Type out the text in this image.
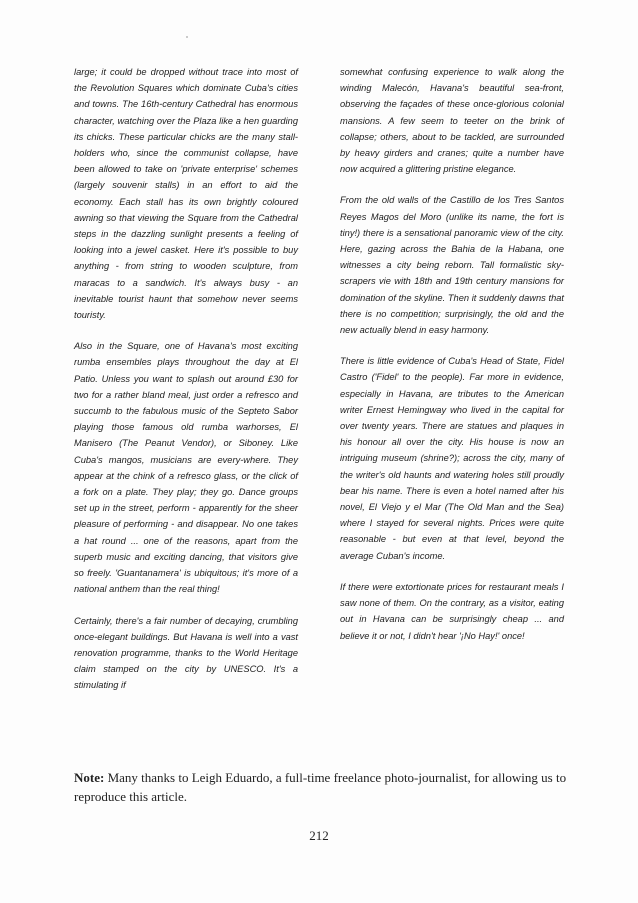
large; it could be dropped without trace into most of the Revolution Squares which dominate Cuba's cities and towns. The 16th-century Cathedral has enormous character, watching over the Plaza like a hen guarding its chicks. These particular chicks are the many stall-holders who, since the communist collapse, have been allowed to take on 'private enterprise' schemes (largely souvenir stalls) in an effort to aid the economy. Each stall has its own brightly coloured awning so that viewing the Square from the Cathedral steps in the dazzling sunlight presents a feeling of looking into a jewel casket. Here it's possible to buy anything - from string to wooden sculpture, from maracas to a sandwich. It's always busy - an inevitable tourist haunt that somehow never seems touristy.

Also in the Square, one of Havana's most exciting rumba ensembles plays throughout the day at El Patio. Unless you want to splash out around £30 for two for a rather bland meal, just order a refresco and succumb to the fabulous music of the Septeto Sabor playing those famous old rumba warhorses, El Manisero (The Peanut Vendor), or Siboney. Like Cuba's mangos, musicians are every-where. They appear at the chink of a refresco glass, or the click of a fork on a plate. They play; they go. Dance groups set up in the street, perform - apparently for the sheer pleasure of performing - and disappear. No one takes a hat round ... one of the reasons, apart from the superb music and exciting dancing, that visitors give so freely. 'Guantanamera' is ubiquitous; it's more of a national anthem than the real thing!

Certainly, there's a fair number of decaying, crumbling once-elegant buildings. But Havana is well into a vast renovation programme, thanks to the World Heritage claim stamped on the city by UNESCO. It's a stimulating if

somewhat confusing experience to walk along the winding Malecón, Havana's beautiful sea-front, observing the façades of these once-glorious colonial mansions. A few seem to teeter on the brink of collapse; others, about to be tackled, are surrounded by heavy girders and cranes; quite a number have now acquired a glittering pristine elegance.

From the old walls of the Castillo de los Tres Santos Reyes Magos del Moro (unlike its name, the fort is tiny!) there is a sensational panoramic view of the city. Here, gazing across the Bahia de la Habana, one witnesses a city being reborn. Tall formalistic sky-scrapers vie with 18th and 19th century mansions for domination of the skyline. Then it suddenly dawns that there is no competition; surprisingly, the old and the new actually blend in easy harmony.

There is little evidence of Cuba's Head of State, Fidel Castro ('Fidel' to the people). Far more in evidence, especially in Havana, are tributes to the American writer Ernest Hemingway who lived in the capital for over twenty years. There are statues and plaques in his honour all over the city. His house is now an intriguing museum (shrine?); across the city, many of the writer's old haunts and watering holes still proudly bear his name. There is even a hotel named after his novel, El Viejo y el Mar (The Old Man and the Sea) where I stayed for several nights. Prices were quite reasonable - but even at that level, beyond the average Cuban's income.

If there were extortionate prices for restaurant meals I saw none of them. On the contrary, as a visitor, eating out in Havana can be surprisingly cheap ... and believe it or not, I didn't hear '¡No Hay!' once!

Note: Many thanks to Leigh Eduardo, a full-time freelance photo-journalist, for allowing us to reproduce this article.
212
